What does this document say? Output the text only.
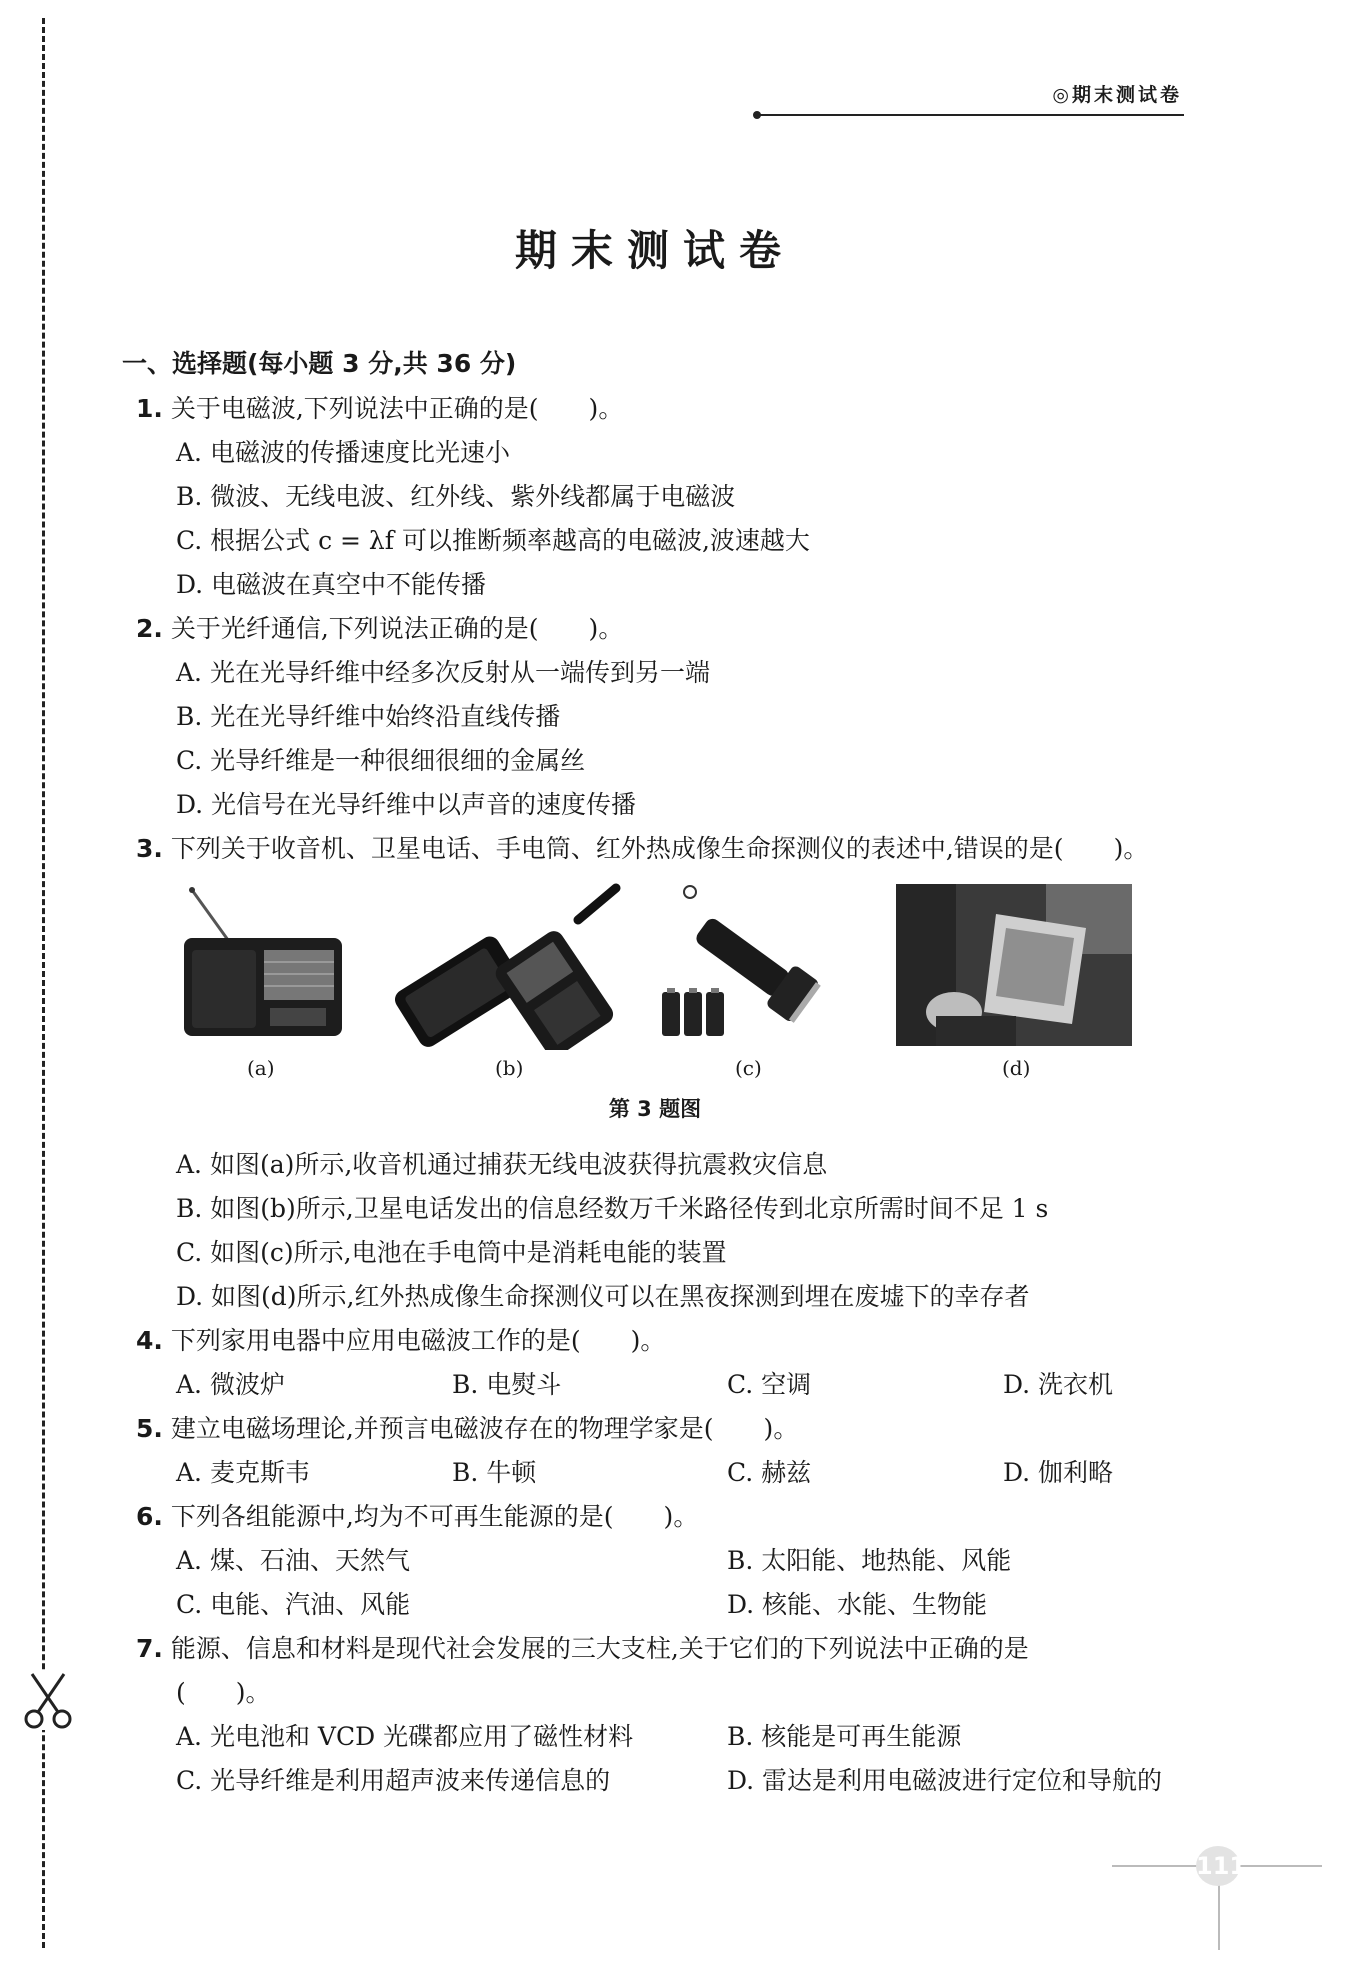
◎期末测试卷
期末测试卷
一、选择题(每小题 3 分,共 36 分)
1. 关于电磁波,下列说法中正确的是(　　)。
A. 电磁波的传播速度比光速小
B. 微波、无线电波、红外线、紫外线都属于电磁波
C. 根据公式 c = λf 可以推断频率越高的电磁波,波速越大
D. 电磁波在真空中不能传播
2. 关于光纤通信,下列说法正确的是(　　)。
A. 光在光导纤维中经多次反射从一端传到另一端
B. 光在光导纤维中始终沿直线传播
C. 光导纤维是一种很细很细的金属丝
D. 光信号在光导纤维中以声音的速度传播
3. 下列关于收音机、卫星电话、手电筒、红外热成像生命探测仪的表述中,错误的是(　　)。
(a)	(b)	(c)	(d)
第 3 题图
A. 如图(a)所示,收音机通过捕获无线电波获得抗震救灾信息
B. 如图(b)所示,卫星电话发出的信息经数万千米路径传到北京所需时间不足 1 s
C. 如图(c)所示,电池在手电筒中是消耗电能的装置
D. 如图(d)所示,红外热成像生命探测仪可以在黑夜探测到埋在废墟下的幸存者
4. 下列家用电器中应用电磁波工作的是(　　)。
A. 微波炉	B. 电熨斗	C. 空调	D. 洗衣机
5. 建立电磁场理论,并预言电磁波存在的物理学家是(　　)。
A. 麦克斯韦	B. 牛顿	C. 赫兹	D. 伽利略
6. 下列各组能源中,均为不可再生能源的是(　　)。
A. 煤、石油、天然气	B. 太阳能、地热能、风能
C. 电能、汽油、风能	D. 核能、水能、生物能
7. 能源、信息和材料是现代社会发展的三大支柱,关于它们的下列说法中正确的是
(　　)。
A. 光电池和 VCD 光碟都应用了磁性材料	B. 核能是可再生能源
C. 光导纤维是利用超声波来传递信息的	D. 雷达是利用电磁波进行定位和导航的
111
